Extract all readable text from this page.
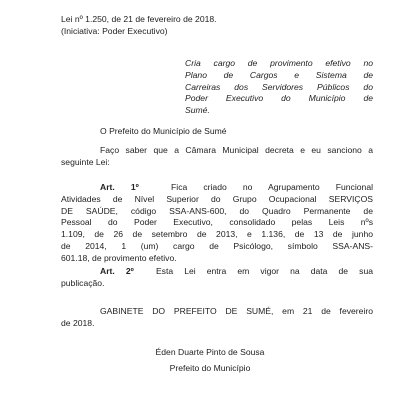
Lei nº 1.250, de 21 de fevereiro de 2018.

(Iniciativa: Poder Executivo)

Cria cargo de provimento efetivo no

Plano de Cargos e Sistema de

Carreiras dos Servidores Públicos do

Poder Executivo do Município de

Sumé.

O Prefeito do Município de Sumé

Faço saber que a Câmara Municipal decreta e eu sanciono a

seguinte Lei:

Art. 1º	Fica criado no Agrupamento Funcional

Atividades de Nível Superior do Grupo Ocupacional SERVIÇOS

DE SAÚDE, código SSA-ANS-600, do Quadro Permanente de

Pessoal do Poder Executivo, consolidado pelas Leis nºs

1.109, de 26 de setembro de 2013, e 1.136, de 13 de junho

de 2014, 1 (um) cargo de Psicólogo, símbolo SSA-ANS-

601.18, de provimento efetivo.

Art. 2º	Esta Lei entra em vigor na data de sua

publicação.

GABINETE DO PREFEITO DE SUMÉ, em 21 de fevereiro

de 2018.

Éden Duarte Pinto de Sousa

Prefeito do Município
